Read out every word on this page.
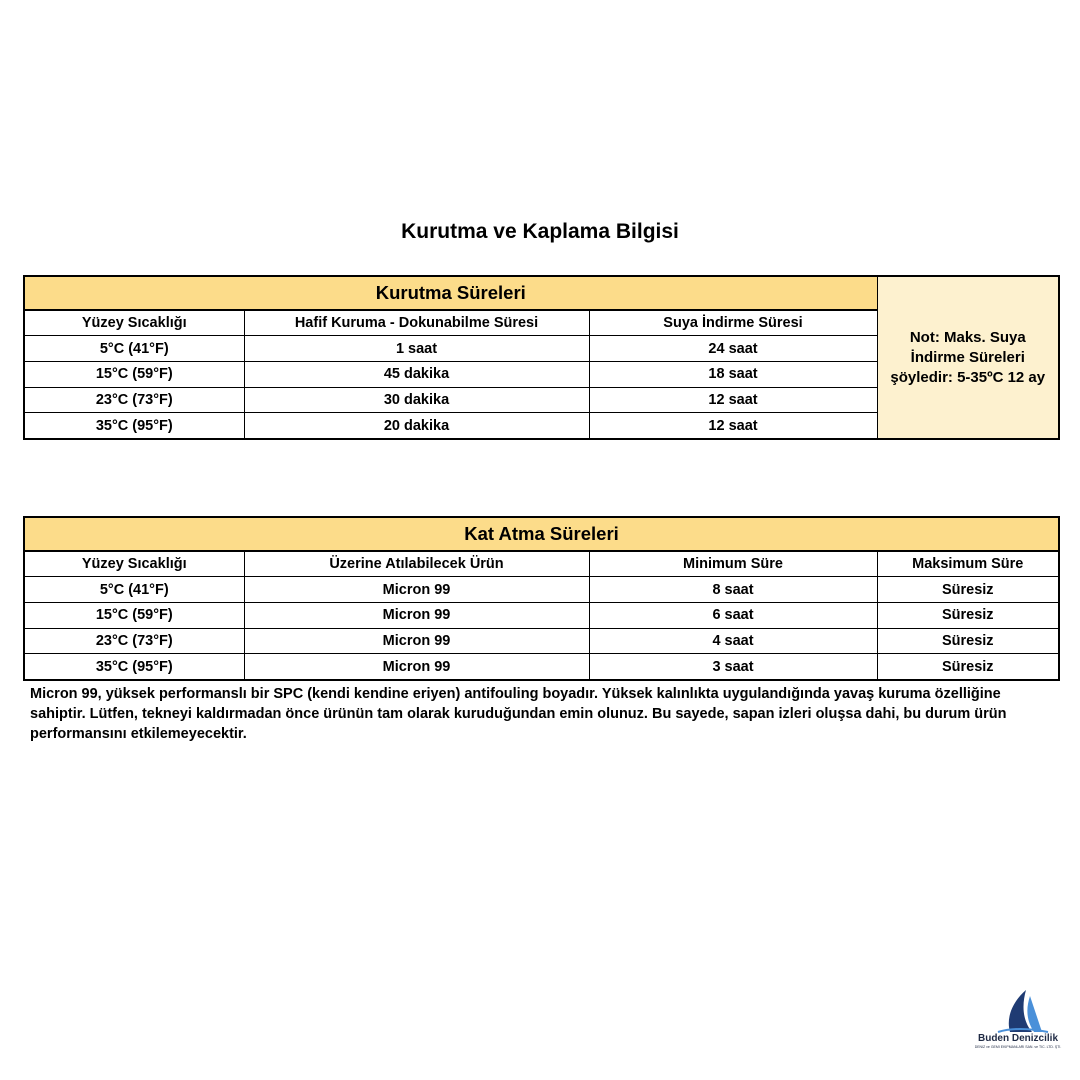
Kurutma ve Kaplama Bilgisi
Kurutma Süreleri			Not: Maks. Suya İndirme Süreleri şöyledir: 5-35ºC 12 ay
Yüzey Sıcaklığı	Hafif Kuruma - Dokunabilme Süresi	Suya İndirme Süresi	
5°C (41°F)	1 saat	24 saat	
15°C (59°F)	45 dakika	18 saat	
23°C (73°F)	30 dakika	12 saat	
35°C (95°F)	20 dakika	12 saat	
Kat Atma Süreleri			
Yüzey Sıcaklığı	Üzerine Atılabilecek Ürün	Minimum Süre	Maksimum Süre
5°C (41°F)	Micron 99	8 saat	Süresiz
15°C (59°F)	Micron 99	6 saat	Süresiz
23°C (73°F)	Micron 99	4 saat	Süresiz
35°C (95°F)	Micron 99	3 saat	Süresiz
Micron 99, yüksek performanslı bir SPC (kendi kendine eriyen) antifouling boyadır. Yüksek kalınlıkta uygulandığında yavaş kuruma özelliğine sahiptir. Lütfen, tekneyi kaldırmadan önce ürünün tam olarak kuruduğundan emin olunuz. Bu sayede, sapan izleri oluşsa dahi, bu durum ürün performansını etkilemeyecektir.
Buden Denizcilik
DENİZ ve GEMİ EKİPMANLARI SAN. ve TİC. LTD. ŞTİ.
